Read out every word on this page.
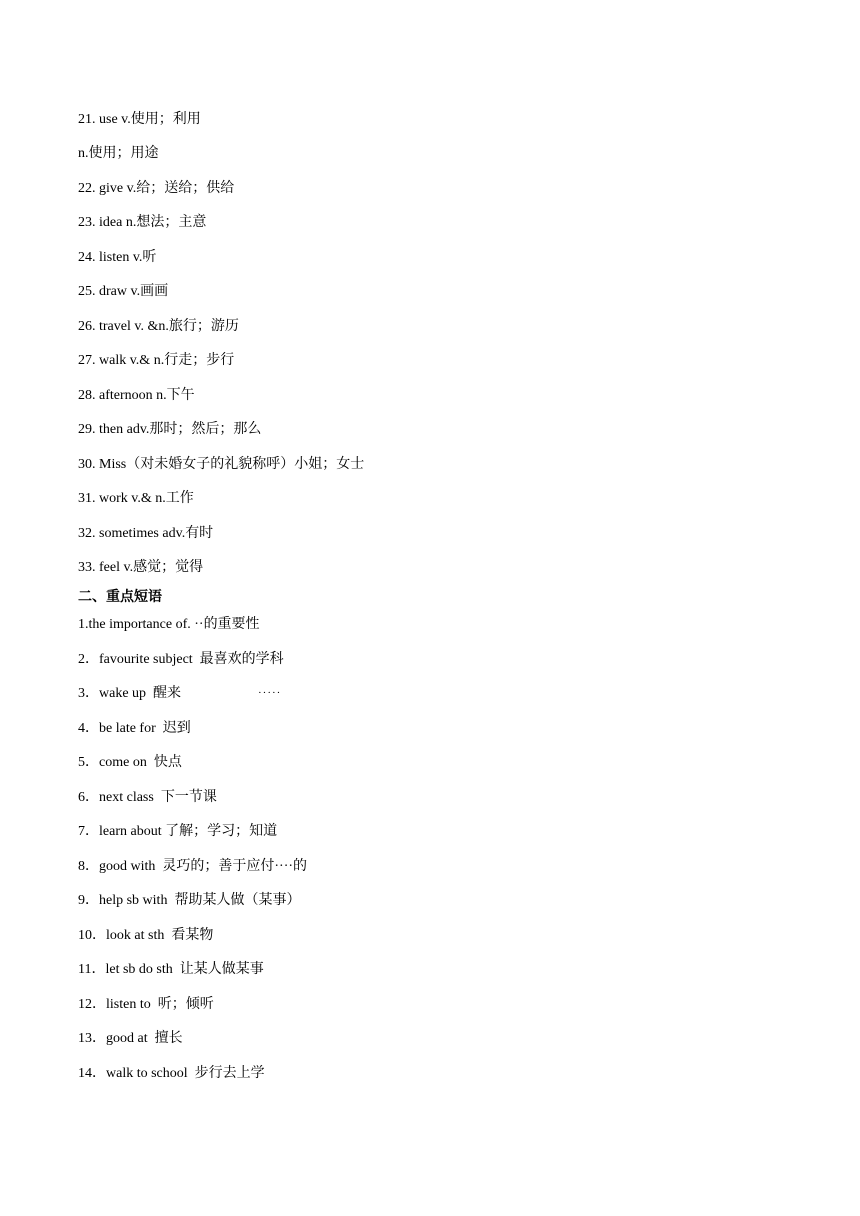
21. use v.使用；利用
n.使用；用途
22. give v.给；送给；供给
23. idea n.想法；主意
24. listen v.听
25. draw v.画画
26. travel v. &n.旅行；游历
27. walk v.& n.行走；步行
28. afternoon n.下午
29. then adv.那时；然后；那么
30. Miss（对未婚女子的礼貌称呼）小姐；女士
31. work v.& n.工作
32. sometimes adv.有时
33. feel v.感觉；觉得
二、重点短语
1.the importance of. ··的重要性
2．favourite subject  最喜欢的学科
3．wake up  醒来	·····
4．be late for  迟到
5．come on  快点
6．next class  下一节课
7．learn about 了解；学习；知道
8．good with  灵巧的；善于应付····的
9．help sb with  帮助某人做（某事）
10．look at sth  看某物
11．let sb do sth  让某人做某事
12．listen to  听；倾听
13．good at  擅长
14．walk to school  步行去上学
